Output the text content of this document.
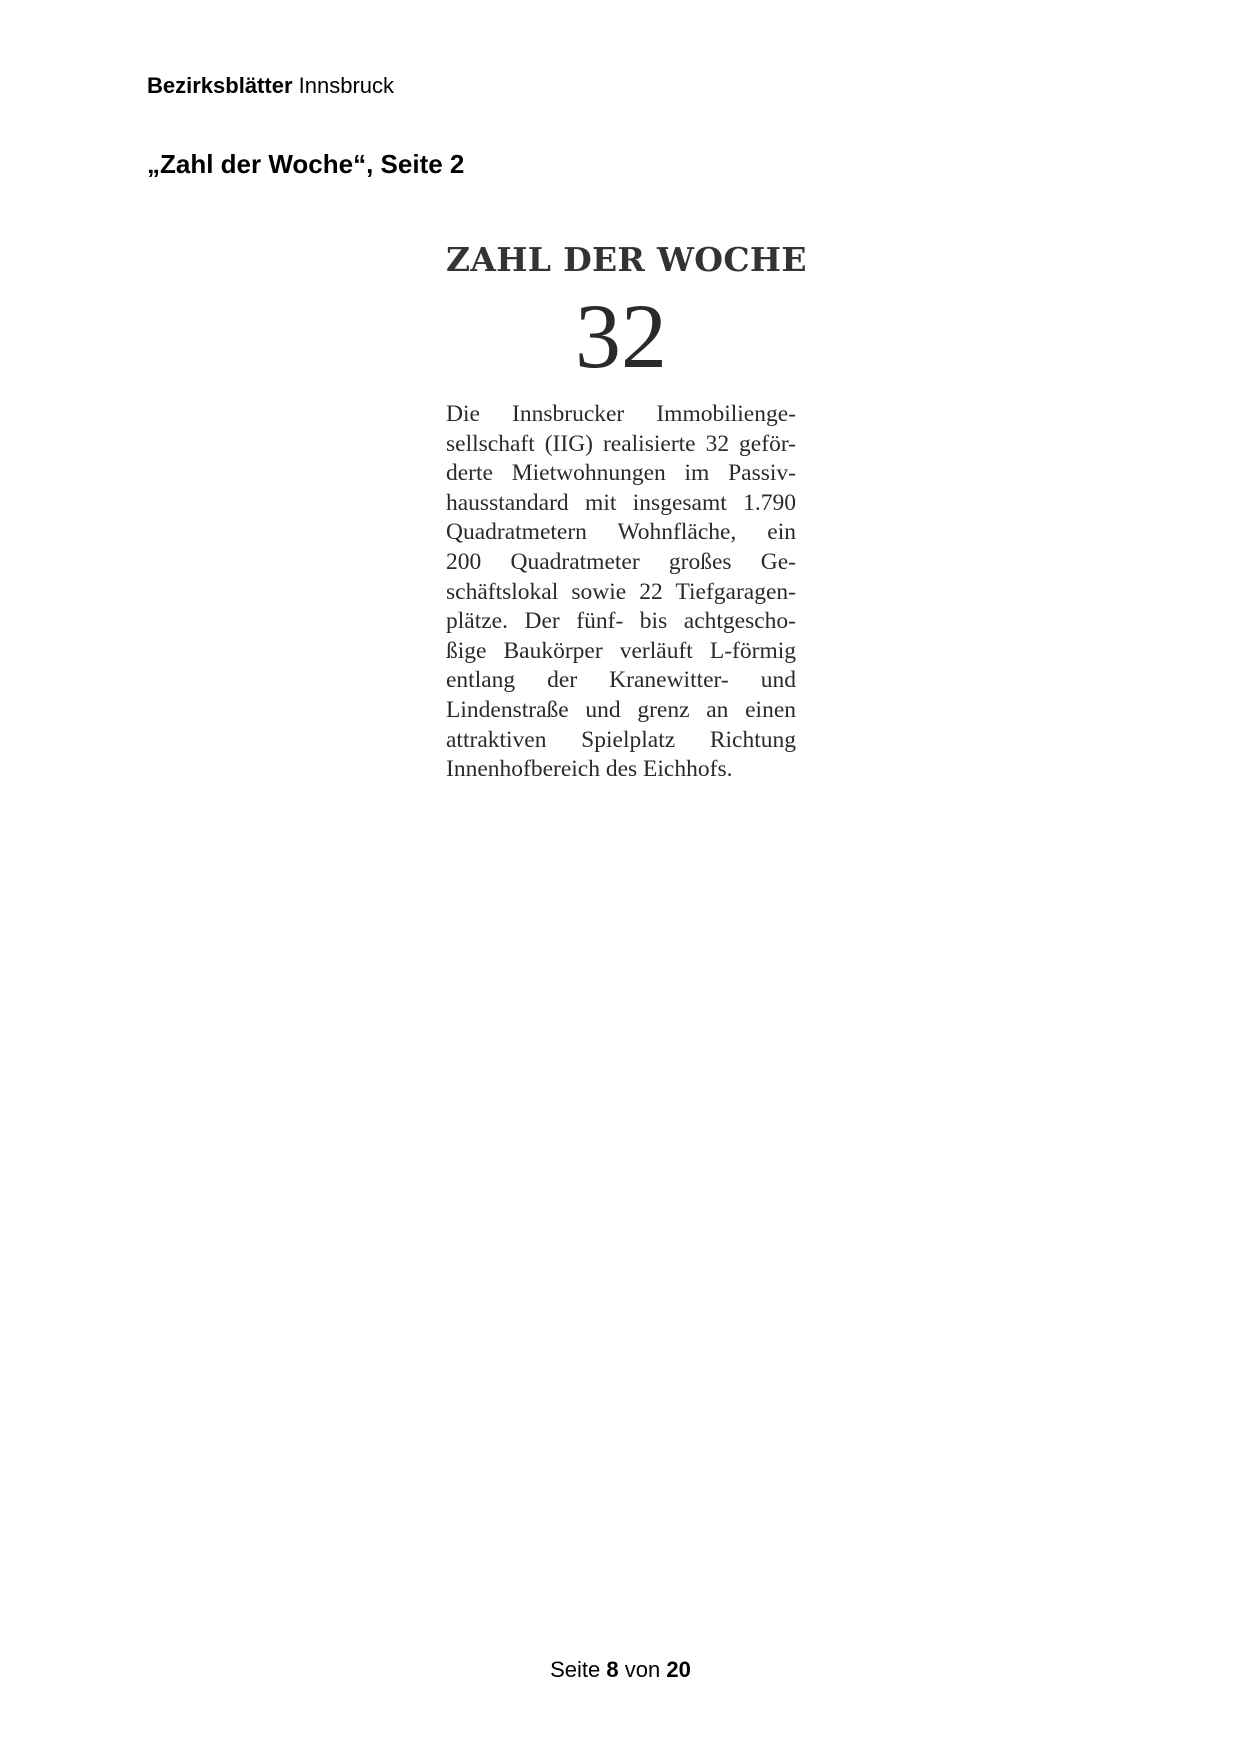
Bezirksblätter Innsbruck
„Zahl der Woche“, Seite 2
ZAHL DER WOCHE
32
Die Innsbrucker Immobilienge-
sellschaft (IIG) realisierte 32 geför-
derte Mietwohnungen im Passiv-
hausstandard mit insgesamt 1.790
Quadratmetern Wohnfläche, ein
200 Quadratmeter großes Ge-
schäftslokal sowie 22 Tiefgaragen-
plätze. Der fünf- bis achtgescho-
ßige Baukörper verläuft L-förmig
entlang der Kranewitter- und
Lindenstraße und grenz an einen
attraktiven Spielplatz Richtung
Innenhofbereich des Eichhofs.
Seite 8 von 20
